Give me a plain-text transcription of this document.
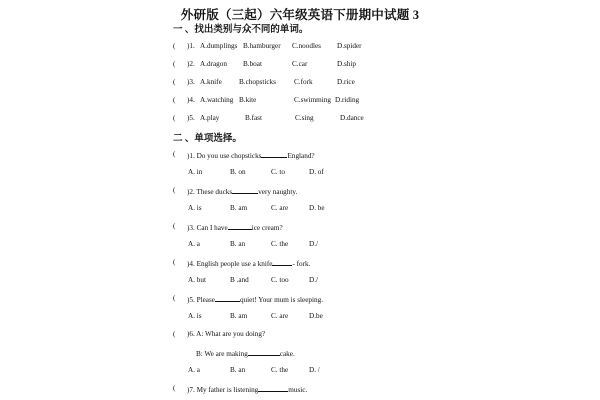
外研版（三起）六年级英语下册期中试题 3
一 、找出类别与众不同的单词。
( )1. A.dumplings B.hamburger C.noodles D.spider
( )2. A.dragon B.boat	C.car	D.ship
( )3. A.knife B.chopsticks	C.fork	D.rice
( )4. A.watching B.kite	C.swimming D.riding
( )5. A.play	B.fast	C.sing	D.dance
二 、单项选择。
( )1. Do you use chopsticks	England?
A. in	B. on	C. to	D. of
( )2. These ducks	very naughty.
A. is	B. am	C. are	D. be
( )3. Can I have	ice cream?
A. a	B. an	C. the	D./
( )4. English people use a knife	- fork.
A. but	B .and	C. too	D./
( )5. Please	quiet! Your mum is sleeping.
A. is	B. am	C. are	D.be
( )6. A: What are you doing?
B: We are making	cake.
A. a	B. an	C. the	D. /
( )7. My father is listening	music.
